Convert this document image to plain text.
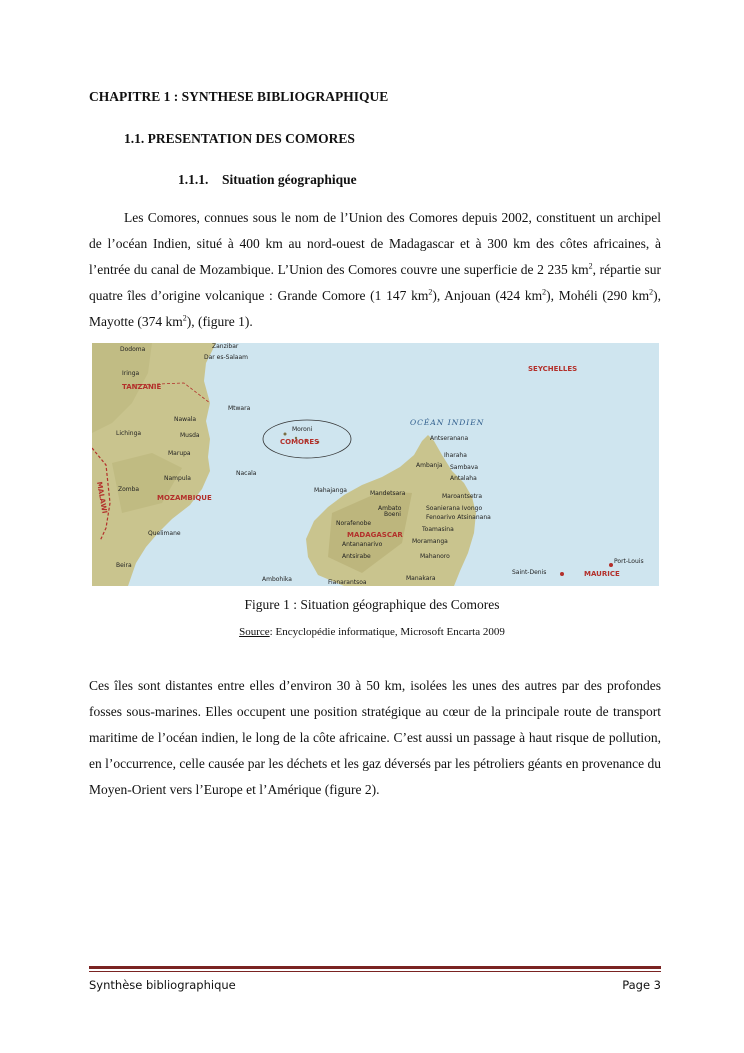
CHAPITRE 1 : SYNTHESE BIBLIOGRAPHIQUE
1.1. PRESENTATION DES COMORES
1.1.1. Situation géographique
Les Comores, connues sous le nom de l’Union des Comores depuis 2002, constituent un archipel de l’océan Indien, situé à 400 km au nord-ouest de Madagascar et à 300 km des côtes africaines, à l’entrée du canal de Mozambique. L’Union des Comores couvre une superficie de 2 235 $km^2$, répartie sur quatre îles d’origine volcanique : Grande Comore (1 147 $km^2$), Anjouan (424 $km^2$), Mohéli (290 $km^2$), Mayotte (374 $km^2$), (figure 1).
TANZANIE
MOZAMBIQUE
MADAGASCAR
COMORES
SEYCHELLES
MAURICE
MALAWI
OCÉAN INDIEN
Zanzibar
Dar es-Salaam
Dodoma
Iringa
Mtwara
Nawala
Musda
Lichinga
Marupa
Nampula
Nacala
Zomba
Quelimane
Beira
Moroni
Antseranana
Ambanja
Iharaha
Sambava
Antalaha
Mahajanga	Mandetsara	Maroantsetra
Ambato
Boeni
Soanierana Ivongo
Fenoarivo Atsinanana
Norafenobe
Toamasina
Antananarivo	Moramanga
Antsirabe	Mahanoro
Ambohika	Fianarantsoa
Manakara
Saint-Denis
Port-Louis
Figure 1 : Situation géographique des Comores
Source: Encyclopédie informatique, Microsoft Encarta 2009
Ces îles sont distantes entre elles d’environ 30 à 50 km, isolées les unes des autres par des profondes fosses sous-marines. Elles occupent une position stratégique au cœur de la principale route de transport maritime de l’océan indien, le long de la côte africaine. C’est aussi un passage à haut risque de pollution, en l’occurrence, celle causée par les déchets et les gaz déversés par les pétroliers géants en provenance du Moyen-Orient vers l’Europe et l’Amérique (figure 2).
Synthèse bibliographique	Page 3
